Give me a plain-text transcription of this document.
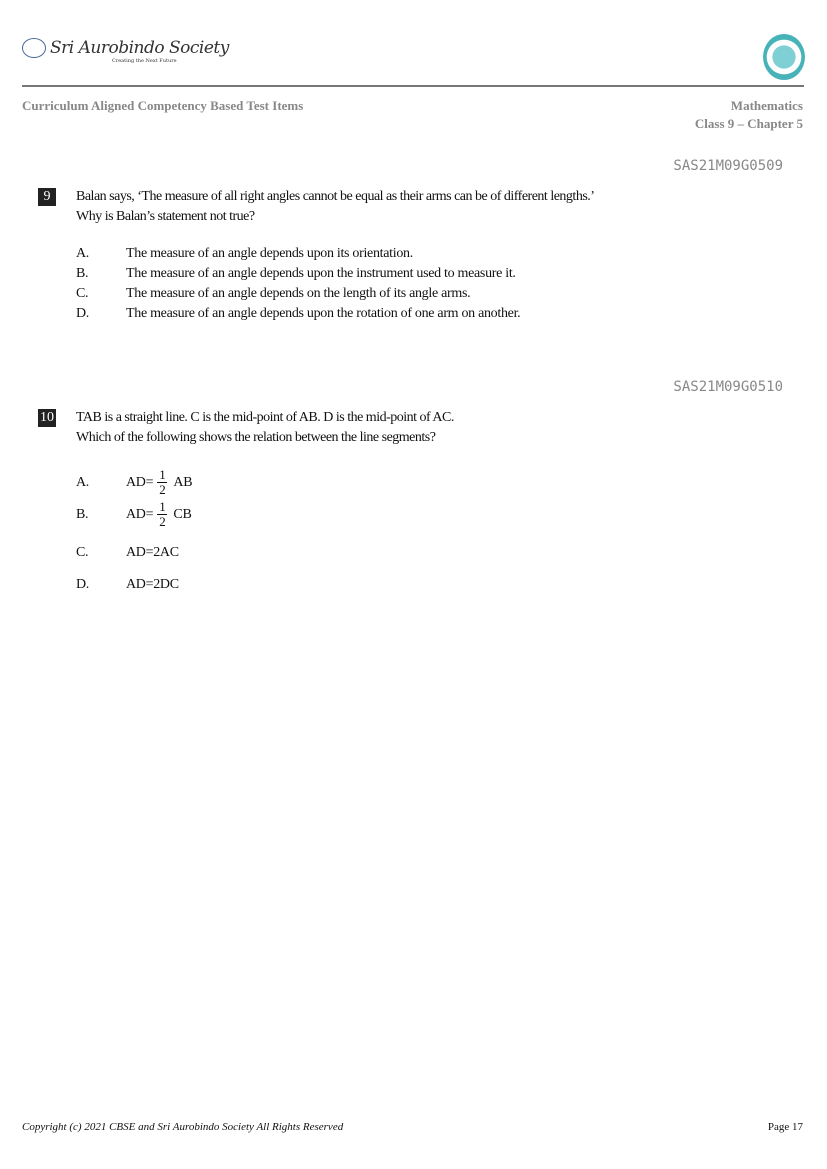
Sri Aurobindo Society
Creating the Next Future
Curriculum Aligned Competency Based Test Items	Mathematics
Class 9 – Chapter 5
SAS21M09G0509
9	Balan says, ‘The measure of all right angles cannot be equal as their arms can be of different lengths.’
Why is Balan’s statement not true?
A.	The measure of an angle depends upon its orientation.
B.	The measure of an angle depends upon the instrument used to measure it.
C.	The measure of an angle depends on the length of its angle arms.
D.	The measure of an angle depends upon the rotation of one arm on another.
SAS21M09G0510
10 TAB is a straight line. C is the mid-point of AB. D is the mid-point of AC.
Which of the following shows the relation between the line segments?
A.	$AD= \frac{1}{2}$ AB
B.	$AD= \frac{1}{2}$ CB
C.	AD=2AC
D.	AD=2DC
Copyright (c) 2021 CBSE and Sri Aurobindo Society All Rights Reserved	Page 17
